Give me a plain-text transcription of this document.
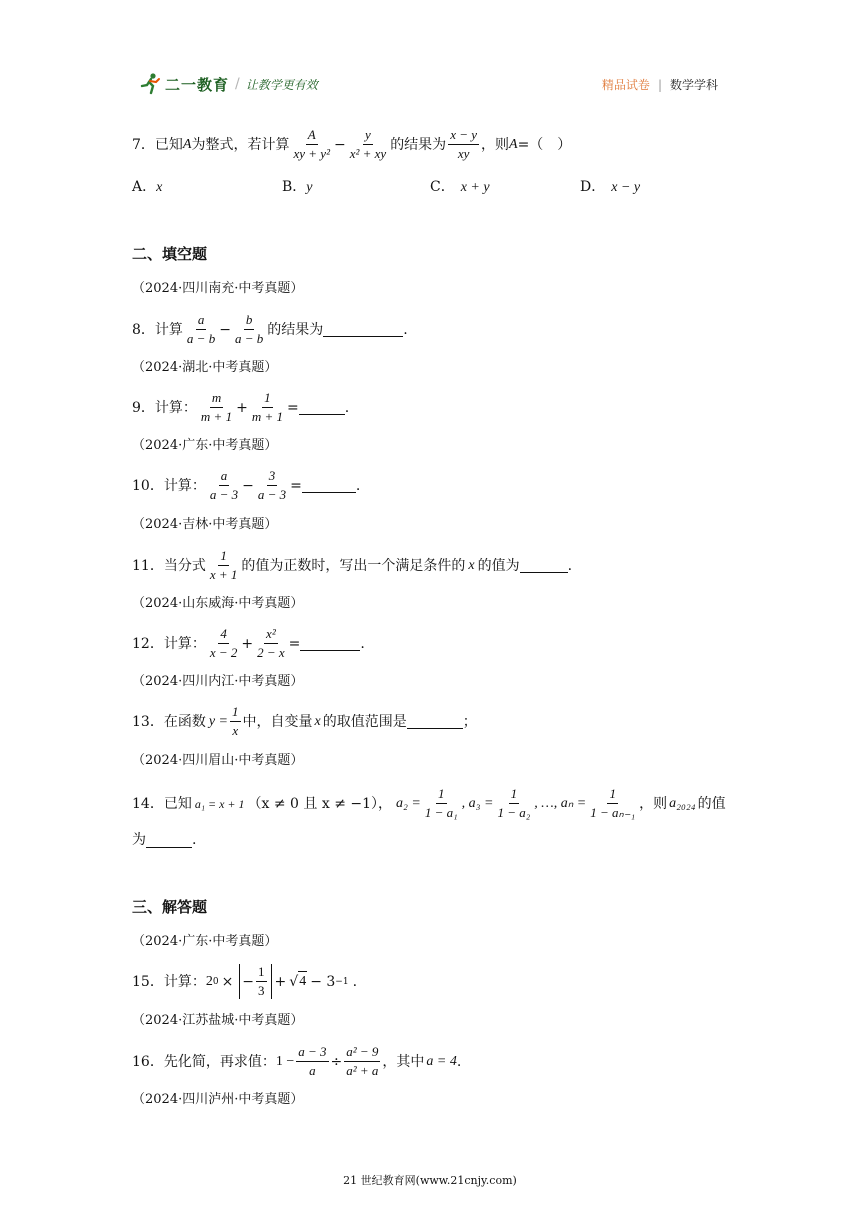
二一教育 / 让教学更有效	精品试卷 | 数学学科
7．已知 A 为整式，若计算 $\frac{A}{\text{xy + y²}} - \frac{y}{\text{x² + xy}}$ 的结果为 $\frac{x - y}{xy}$ ，则 A =（　）
A．x	B．y	C． x + y	D． x − y
二、填空题
（2024·四川南充·中考真题）
8．计算 $\frac{a}{a - b} - \frac{b}{a - b}$ 的结果为	.
（2024·湖北·中考真题）
9．计算： $\frac{m}{m + 1} + \frac{1}{m + 1}$ =	.
（2024·广东·中考真题）
10．计算： $\frac{a}{a - 3} - \frac{3}{a - 3}$ =	.
（2024·吉林·中考真题）
11．当分式 $\frac{1}{x + 1}$ 的值为正数时，写出一个满足条件的 x 的值为	.
（2024·山东威海·中考真题）
12．计算： $\frac{4}{x - 2} + \frac{\text{x²}}{2 - x}$ =	.
（2024·四川内江·中考真题）
13．在函数 $y = \frac{1}{x}$ 中，自变量 x 的取值范围是	；
（2024·四川眉山·中考真题）
14．已知 a₁ = x + 1 （x ≠ 0 且 x ≠ −1）， $a_2 = \frac{1}{\text{1 − a₁}}$ , $a_3 = \frac{1}{\text{1 − a₂}}$ , …, $a_n = \frac{1}{\text{1 − aₙ₋₁}}$ ，则 a₂₀₂₄ 的值
为	.
三、解答题
（2024·广东·中考真题）
15．计算： 2 0 × − $\frac{1}{3}$ + √ 4 − 3 −1 .
（2024·江苏盐城·中考真题）
16．先化简，再求值： $1 - \frac{a - 3}{a} \div \frac{\text{a² − 9}}{\text{a² + a}}$ ，其中 a = 4 .
（2024·四川泸州·中考真题）
21 世纪教育网(www.21cnjy.com)
